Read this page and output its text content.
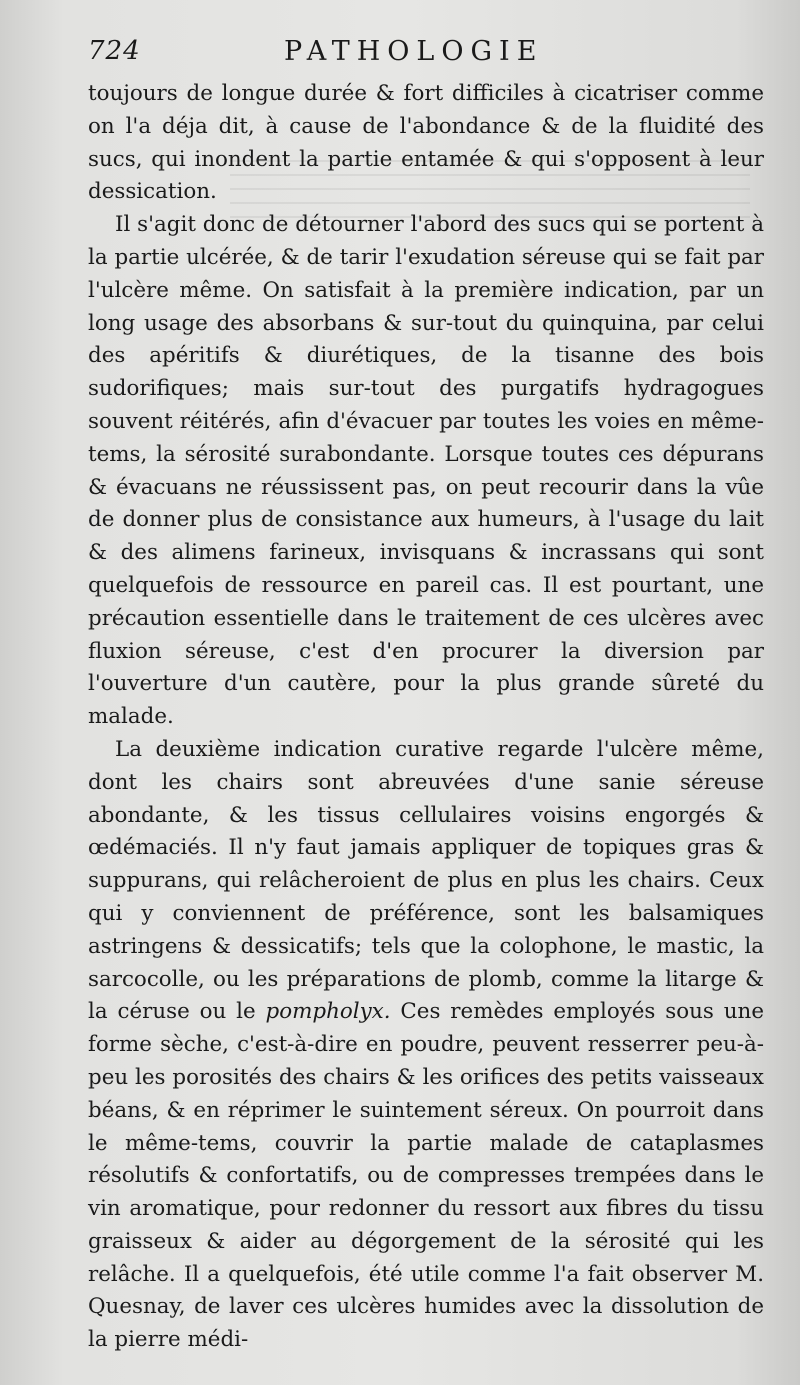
724	PATHOLOGIE

toujours de longue durée & fort difficiles à cicatriser comme on l'a déja dit, à cause de l'abondance & de la fluidité des sucs, qui inondent la partie entamée & qui s'opposent à leur dessication.

Il s'agit donc de détourner l'abord des sucs qui se portent à la partie ulcérée, & de tarir l'exudation séreuse qui se fait par l'ulcère même. On satisfait à la première indication, par un long usage des absorbans & sur-tout du quinquina, par celui des apéritifs & diurétiques, de la tisanne des bois sudorifiques; mais sur-tout des purgatifs hydragogues souvent réitérés, afin d'évacuer par toutes les voies en même-tems, la sérosité surabondante. Lorsque toutes ces dépurans & évacuans ne réussissent pas, on peut recourir dans la vûe de donner plus de consistance aux humeurs, à l'usage du lait & des alimens farineux, invisquans & incrassans qui sont quelquefois de ressource en pareil cas. Il est pourtant, une précaution essentielle dans le traitement de ces ulcères avec fluxion séreuse, c'est d'en procurer la diversion par l'ouverture d'un cautère, pour la plus grande sûreté du malade.

La deuxième indication curative regarde l'ulcère même, dont les chairs sont abreuvées d'une sanie séreuse abondante, & les tissus cellulaires voisins engorgés & œdémaciés. Il n'y faut jamais appliquer de topiques gras & suppurans, qui relâcheroient de plus en plus les chairs. Ceux qui y conviennent de préférence, sont les balsamiques astringens & dessicatifs; tels que la colophone, le mastic, la sarcocolle, ou les préparations de plomb, comme la litarge & la céruse ou le pompholyx. Ces remèdes employés sous une forme sèche, c'est-à-dire en poudre, peuvent resserrer peu-à-peu les porosités des chairs & les orifices des petits vaisseaux béans, & en réprimer le suintement séreux. On pourroit dans le même-tems, couvrir la partie malade de cataplasmes résolutifs & confortatifs, ou de compresses trempées dans le vin aromatique, pour redonner du ressort aux fibres du tissu graisseux & aider au dégorgement de la sérosité qui les relâche. Il a quelquefois, été utile comme l'a fait observer M. Quesnay, de laver ces ulcères humides avec la dissolution de la pierre médi-
